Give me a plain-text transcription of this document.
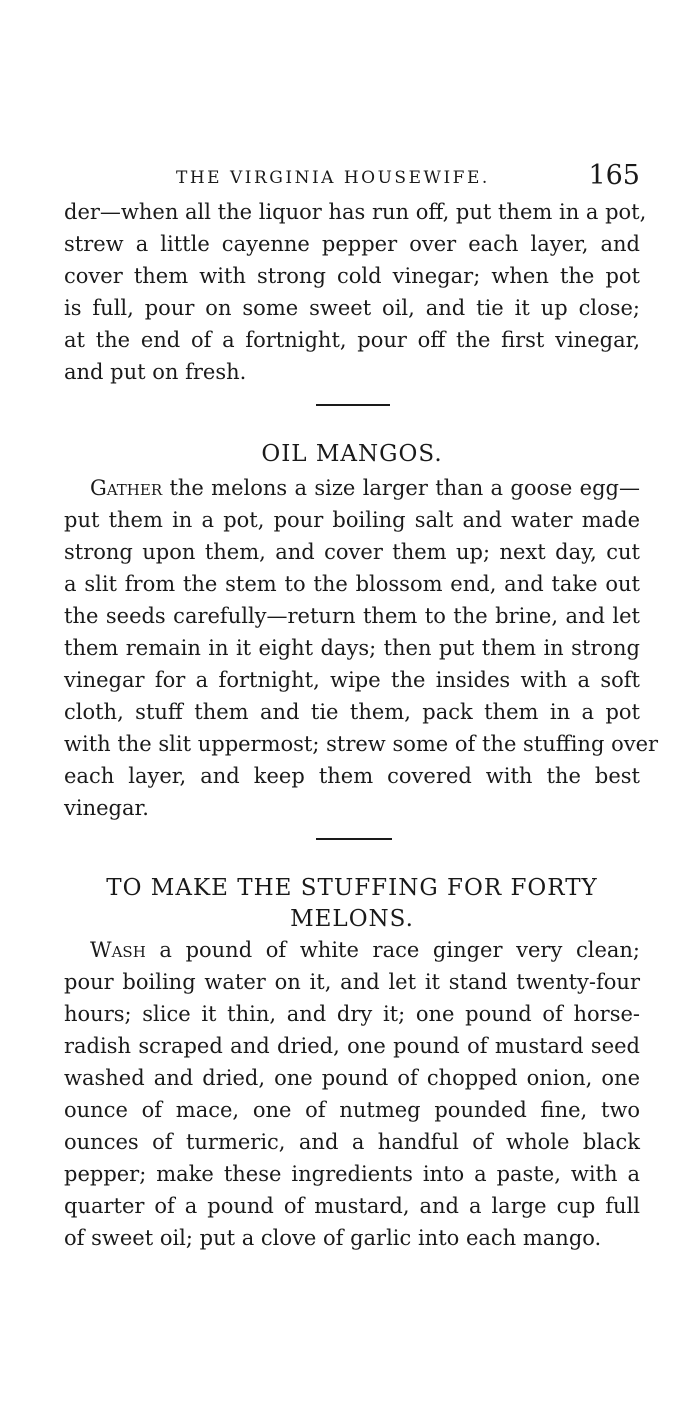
THE VIRGINIA HOUSEWIFE.	165
der—when all the liquor has run off, put them in a pot,
strew a little cayenne pepper over each layer, and
cover them with strong cold vinegar; when the pot
is full, pour on some sweet oil, and tie it up close;
at the end of a fortnight, pour off the first vinegar,
and put on fresh.
OIL MANGOS.
Gather the melons a size larger than a goose egg—
put them in a pot, pour boiling salt and water made
strong upon them, and cover them up; next day, cut
a slit from the stem to the blossom end, and take out
the seeds carefully—return them to the brine, and let
them remain in it eight days; then put them in strong
vinegar for a fortnight, wipe the insides with a soft
cloth, stuff them and tie them, pack them in a pot
with the slit uppermost; strew some of the stuffing over
each layer, and keep them covered with the best
vinegar.
TO MAKE THE STUFFING FOR FORTY
MELONS.
Wash a pound of white race ginger very clean;
pour boiling water on it, and let it stand twenty-four
hours; slice it thin, and dry it; one pound of horse-
radish scraped and dried, one pound of mustard seed
washed and dried, one pound of chopped onion, one
ounce of mace, one of nutmeg pounded fine, two
ounces of turmeric, and a handful of whole black
pepper; make these ingredients into a paste, with a
quarter of a pound of mustard, and a large cup full
of sweet oil; put a clove of garlic into each mango.
